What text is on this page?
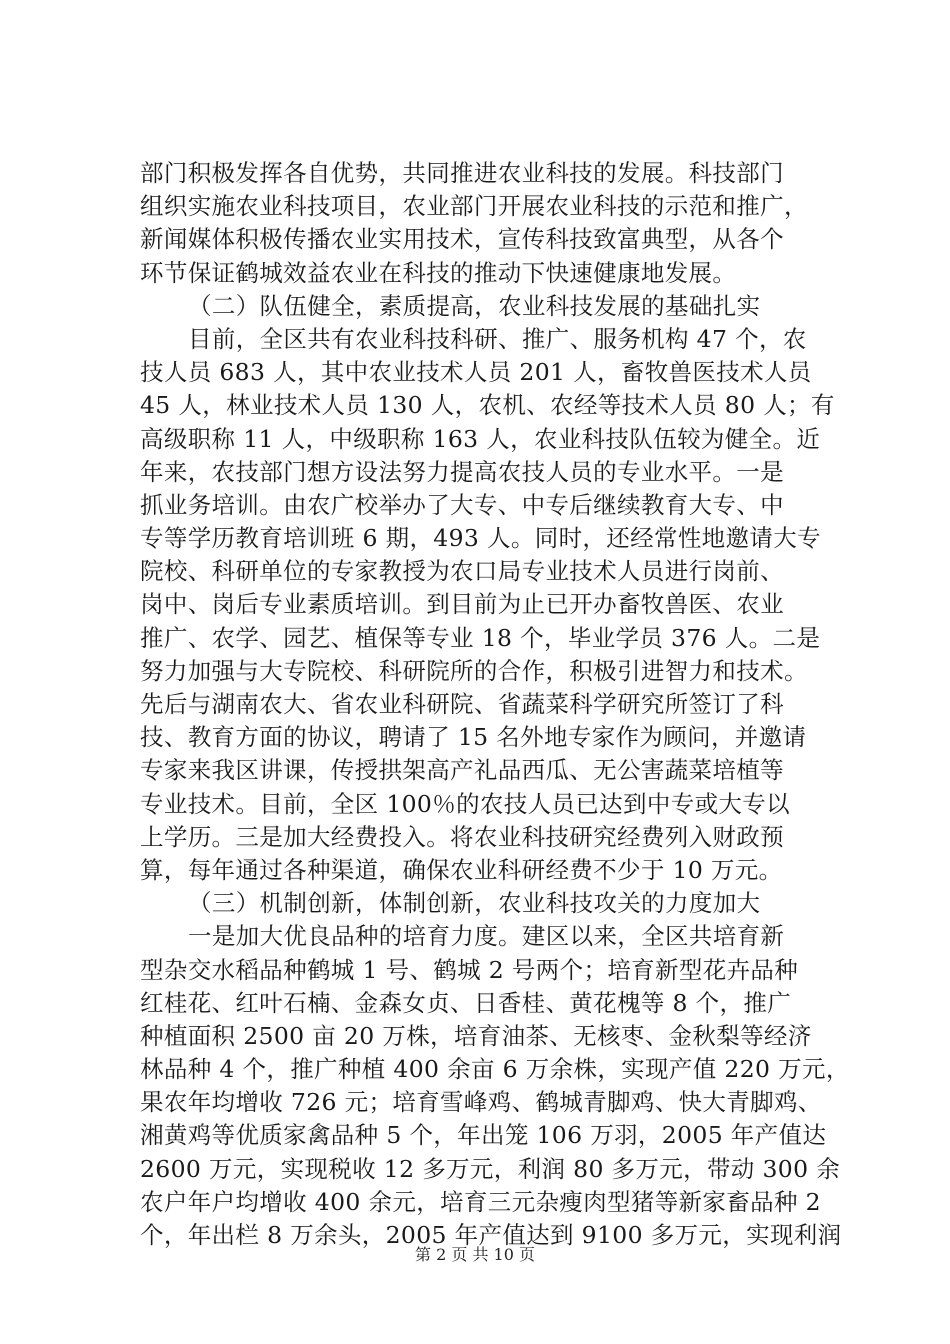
部门积极发挥各自优势，共同推进农业科技的发展。科技部门
组织实施农业科技项目，农业部门开展农业科技的示范和推广，
新闻媒体积极传播农业实用技术，宣传科技致富典型，从各个
环节保证鹤城效益农业在科技的推动下快速健康地发展。
（二）队伍健全，素质提高，农业科技发展的基础扎实
目前，全区共有农业科技科研、推广、服务机构 47 个，农
技人员 683 人，其中农业技术人员 201 人，畜牧兽医技术人员
45 人，林业技术人员 130 人，农机、农经等技术人员 80 人；有
高级职称 11 人，中级职称 163 人，农业科技队伍较为健全。近
年来，农技部门想方设法努力提高农技人员的专业水平。一是
抓业务培训。由农广校举办了大专、中专后继续教育大专、中
专等学历教育培训班 6 期，493 人。同时，还经常性地邀请大专
院校、科研单位的专家教授为农口局专业技术人员进行岗前、
岗中、岗后专业素质培训。到目前为止已开办畜牧兽医、农业
推广、农学、园艺、植保等专业 18 个，毕业学员 376 人。二是
努力加强与大专院校、科研院所的合作，积极引进智力和技术。
先后与湖南农大、省农业科研院、省蔬菜科学研究所签订了科
技、教育方面的协议，聘请了 15 名外地专家作为顾问，并邀请
专家来我区讲课，传授拱架高产礼品西瓜、无公害蔬菜培植等
专业技术。目前，全区 100％的农技人员已达到中专或大专以
上学历。三是加大经费投入。将农业科技研究经费列入财政预
算，每年通过各种渠道，确保农业科研经费不少于 10 万元。
（三）机制创新，体制创新，农业科技攻关的力度加大
一是加大优良品种的培育力度。建区以来，全区共培育新
型杂交水稻品种鹤城 1 号、鹤城 2 号两个；培育新型花卉品种
红桂花、红叶石楠、金森女贞、日香桂、黄花槐等 8 个，推广
种植面积 2500 亩 20 万株，培育油茶、无核枣、金秋梨等经济
林品种 4 个，推广种植 400 余亩 6 万余株，实现产值 220 万元，
果农年均增收 726 元；培育雪峰鸡、鹤城青脚鸡、快大青脚鸡、
湘黄鸡等优质家禽品种 5 个，年出笼 106 万羽，2005 年产值达
2600 万元，实现税收 12 多万元，利润 80 多万元，带动 300 余
农户年户均增收 400 余元，培育三元杂瘦肉型猪等新家畜品种 2
个，年出栏 8 万余头，2005 年产值达到 9100 多万元，实现利润
第 2 页 共 10 页
